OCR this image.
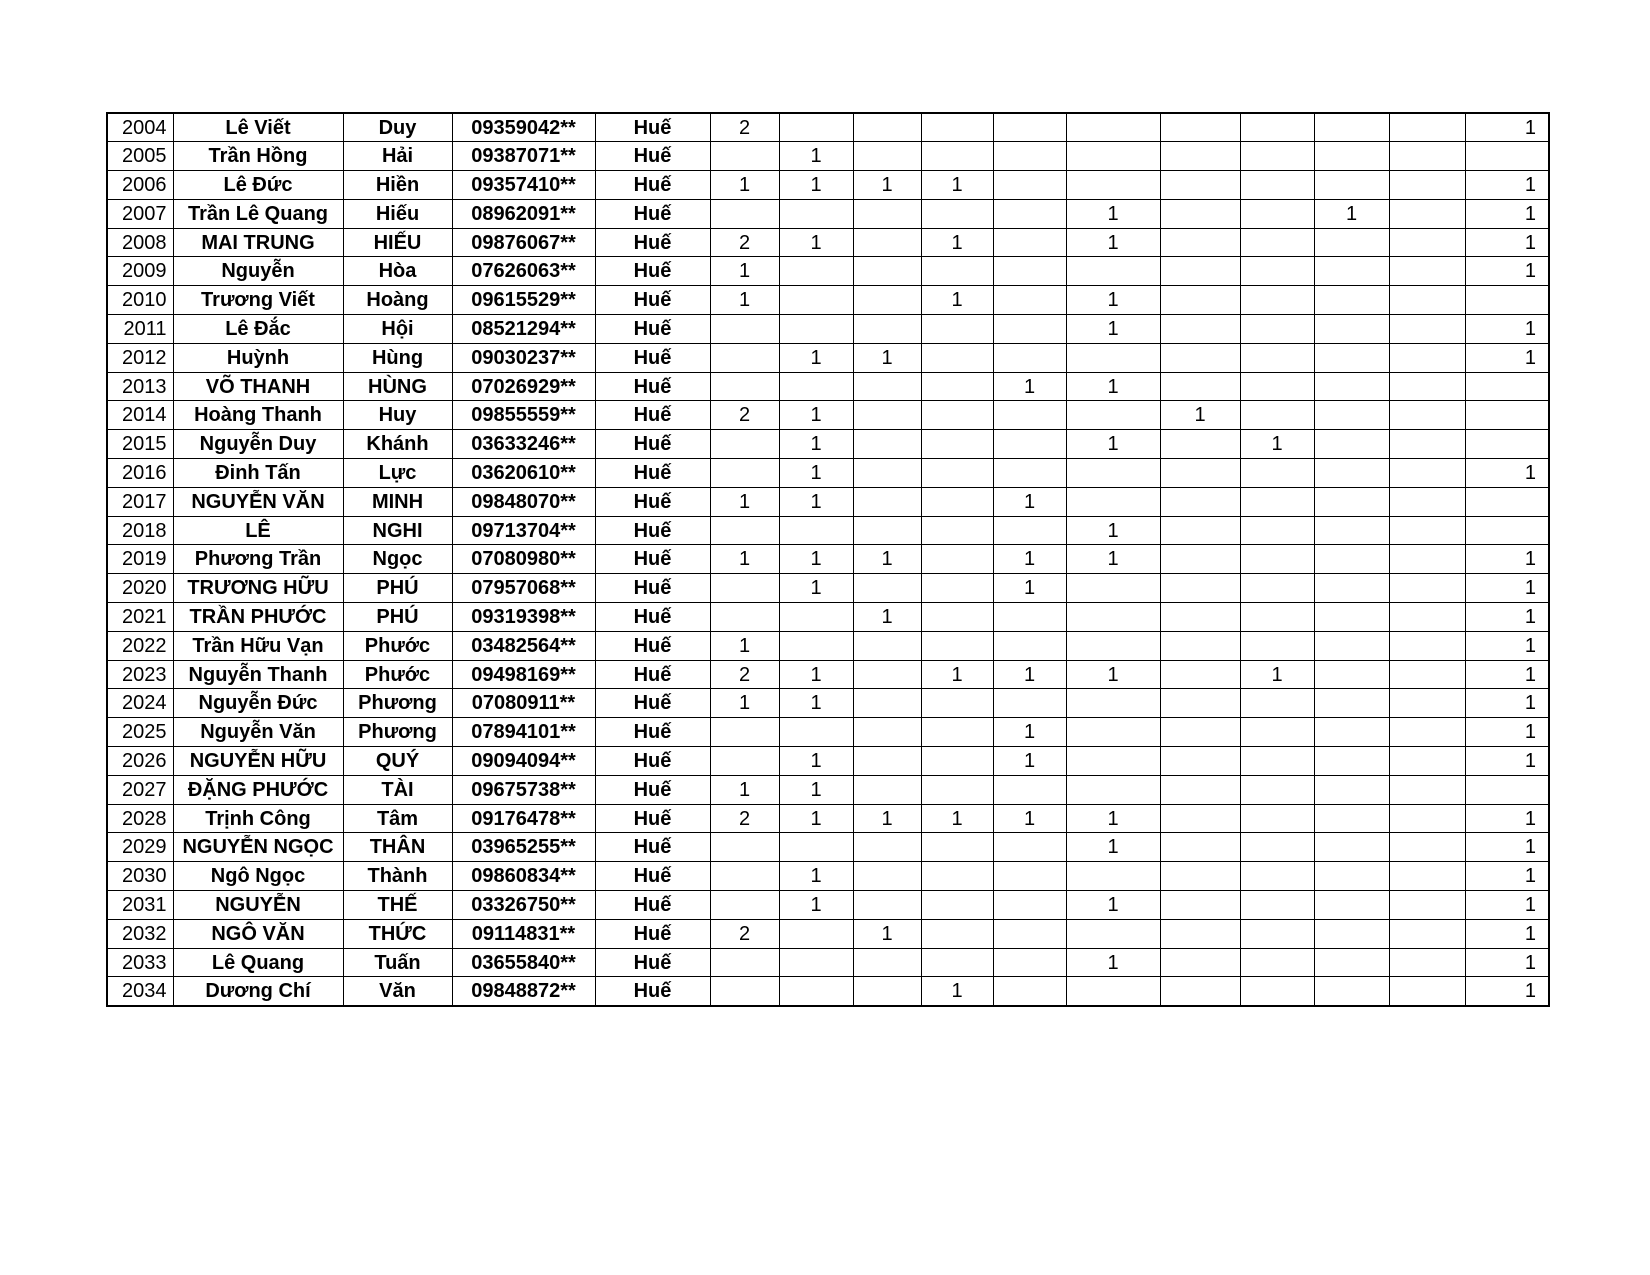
2004	Lê Viết	Duy	09359042**	Huế	2										1
2005	Trần Hồng	Hải	09387071**	Huế		1									
2006	Lê Đức	Hiền	09357410**	Huế	1	1	1	1							1
2007	Trần Lê Quang	Hiếu	08962091**	Huế						1			1		1
2008	MAI TRUNG	HIẾU	09876067**	Huế	2	1		1		1					1
2009	Nguyễn	Hòa	07626063**	Huế	1										1
2010	Trương Viết	Hoàng	09615529**	Huế	1			1		1					
2011	Lê Đắc	Hội	08521294**	Huế						1					1
2012	Huỳnh	Hùng	09030237**	Huế		1	1								1
2013	VÕ THANH	HÙNG	07026929**	Huế					1	1					
2014	Hoàng Thanh	Huy	09855559**	Huế	2	1					1				
2015	Nguyễn Duy	Khánh	03633246**	Huế		1				1		1			
2016	Đinh Tấn	Lực	03620610**	Huế		1									1
2017	NGUYỄN VĂN	MINH	09848070**	Huế	1	1			1						
2018	LÊ	NGHI	09713704**	Huế						1					
2019	Phương Trần	Ngọc	07080980**	Huế	1	1	1		1	1					1
2020	TRƯƠNG HỮU	PHÚ	07957068**	Huế		1			1						1
2021	TRẦN PHƯỚC	PHÚ	09319398**	Huế			1								1
2022	Trần Hữu Vạn	Phước	03482564**	Huế	1										1
2023	Nguyễn Thanh	Phước	09498169**	Huế	2	1		1	1	1		1			1
2024	Nguyễn Đức	Phương	07080911**	Huế	1	1									1
2025	Nguyễn Văn	Phương	07894101**	Huế					1						1
2026	NGUYỄN HỮU	QUÝ	09094094**	Huế		1			1						1
2027	ĐẶNG PHƯỚC	TÀI	09675738**	Huế	1	1									
2028	Trịnh Công	Tâm	09176478**	Huế	2	1	1	1	1	1					1
2029	NGUYỄN NGỌC	THÂN	03965255**	Huế						1					1
2030	Ngô Ngọc	Thành	09860834**	Huế		1									1
2031	NGUYỄN	THẾ	03326750**	Huế		1				1					1
2032	NGÔ VĂN	THỨC	09114831**	Huế	2		1								1
2033	Lê Quang	Tuấn	03655840**	Huế						1					1
2034	Dương Chí	Văn	09848872**	Huế				1							1
